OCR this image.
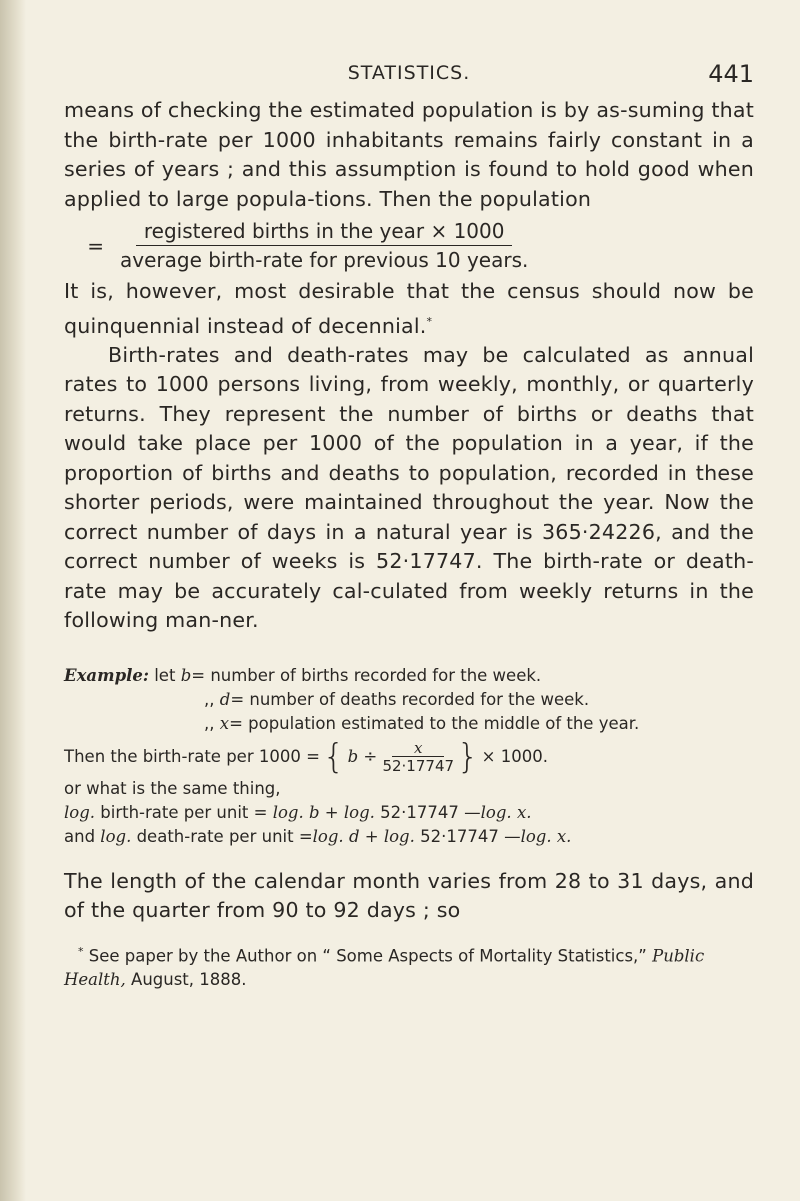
STATISTICS.	441

means of checking the estimated population is by as-suming that the birth-rate per 1000 inhabitants remains fairly constant in a series of years ; and this assumption is found to hold good when applied to large popula-tions. Then the population

= $\frac{\text{registered births in the year × 1000}}{\text{average birth-rate for previous 10 years.}}$

It is, however, most desirable that the census should now be quinquennial instead of decennial.*

Birth-rates and death-rates may be calculated as annual rates to 1000 persons living, from weekly, monthly, or quarterly returns. They represent the number of births or deaths that would take place per 1000 of the population in a year, if the proportion of births and deaths to population, recorded in these shorter periods, were maintained throughout the year. Now the correct number of days in a natural year is 365·24226, and the correct number of weeks is 52·17747. The birth-rate or death-rate may be accurately cal-culated from weekly returns in the following man-ner.

Example: let b= number of births recorded for the week.
,, d= number of deaths recorded for the week.
,, x= population estimated to the middle of the year.
Then the birth-rate per 1000 = { b
÷
$\frac{x}{52\cdot 17747}$ } × 1000.
or what is the same thing,
log. birth-rate per unit = log. b + log. 52·17747 —log. x.
and log. death-rate per unit =log. d + log. 52·17747 —log. x.

The length of the calendar month varies from 28 to 31 days, and of the quarter from 90 to 92 days ; so

* See paper by the Author on “ Some Aspects of Mortality Statistics,” Public Health, August, 1888.
